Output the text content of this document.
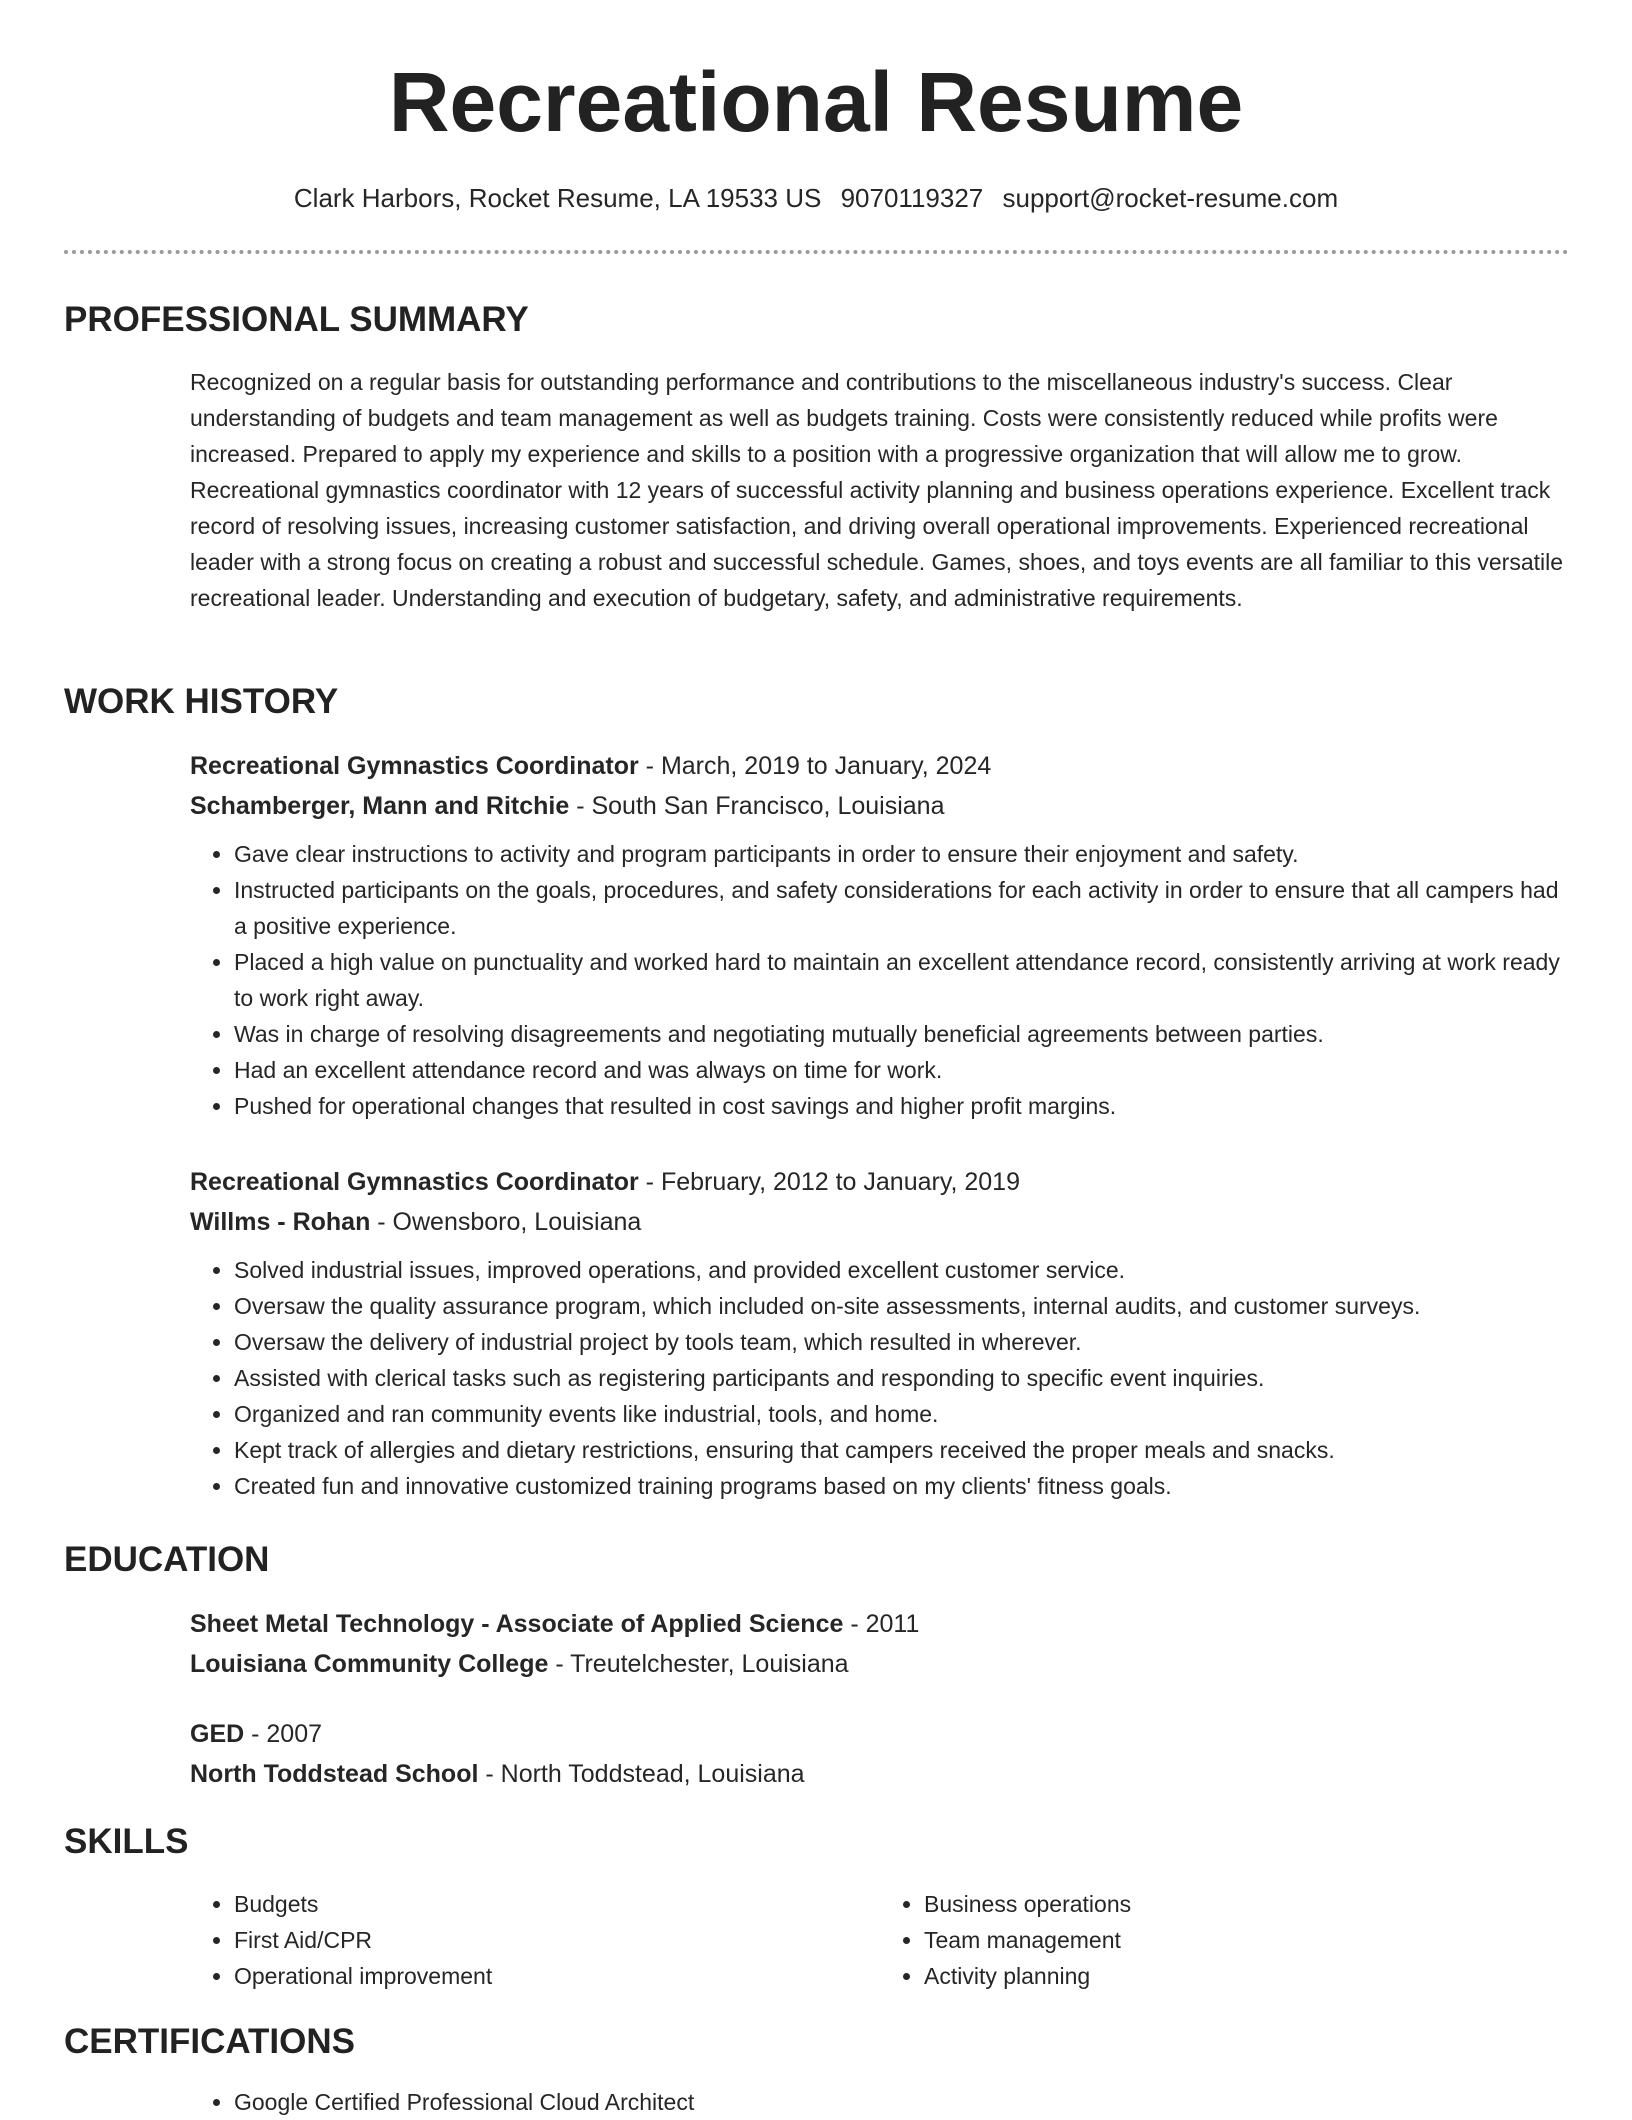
Recreational Resume
Clark Harbors, Rocket Resume, LA 19533 US 9070119327 support@rocket-resume.com
PROFESSIONAL SUMMARY
Recognized on a regular basis for outstanding performance and contributions to the miscellaneous industry's success. Clear understanding of budgets and team management as well as budgets training. Costs were consistently reduced while profits were increased. Prepared to apply my experience and skills to a position with a progressive organization that will allow me to grow. Recreational gymnastics coordinator with 12 years of successful activity planning and business operations experience. Excellent track record of resolving issues, increasing customer satisfaction, and driving overall operational improvements. Experienced recreational leader with a strong focus on creating a robust and successful schedule. Games, shoes, and toys events are all familiar to this versatile recreational leader. Understanding and execution of budgetary, safety, and administrative requirements.
WORK HISTORY
Recreational Gymnastics Coordinator - March, 2019 to January, 2024
Schamberger, Mann and Ritchie - South San Francisco, Louisiana
• Gave clear instructions to activity and program participants in order to ensure their enjoyment and safety.
• Instructed participants on the goals, procedures, and safety considerations for each activity in order to ensure that all campers had a positive experience.
• Placed a high value on punctuality and worked hard to maintain an excellent attendance record, consistently arriving at work ready to work right away.
• Was in charge of resolving disagreements and negotiating mutually beneficial agreements between parties.
• Had an excellent attendance record and was always on time for work.
• Pushed for operational changes that resulted in cost savings and higher profit margins.
Recreational Gymnastics Coordinator - February, 2012 to January, 2019
Willms - Rohan - Owensboro, Louisiana
• Solved industrial issues, improved operations, and provided excellent customer service.
• Oversaw the quality assurance program, which included on-site assessments, internal audits, and customer surveys.
• Oversaw the delivery of industrial project by tools team, which resulted in wherever.
• Assisted with clerical tasks such as registering participants and responding to specific event inquiries.
• Organized and ran community events like industrial, tools, and home.
• Kept track of allergies and dietary restrictions, ensuring that campers received the proper meals and snacks.
• Created fun and innovative customized training programs based on my clients' fitness goals.
EDUCATION
Sheet Metal Technology - Associate of Applied Science - 2011
Louisiana Community College - Treutelchester, Louisiana
GED - 2007
North Toddstead School - North Toddstead, Louisiana
SKILLS
• Budgets
• First Aid/CPR
• Operational improvement
• Business operations
• Team management
• Activity planning
CERTIFICATIONS
• Google Certified Professional Cloud Architect
